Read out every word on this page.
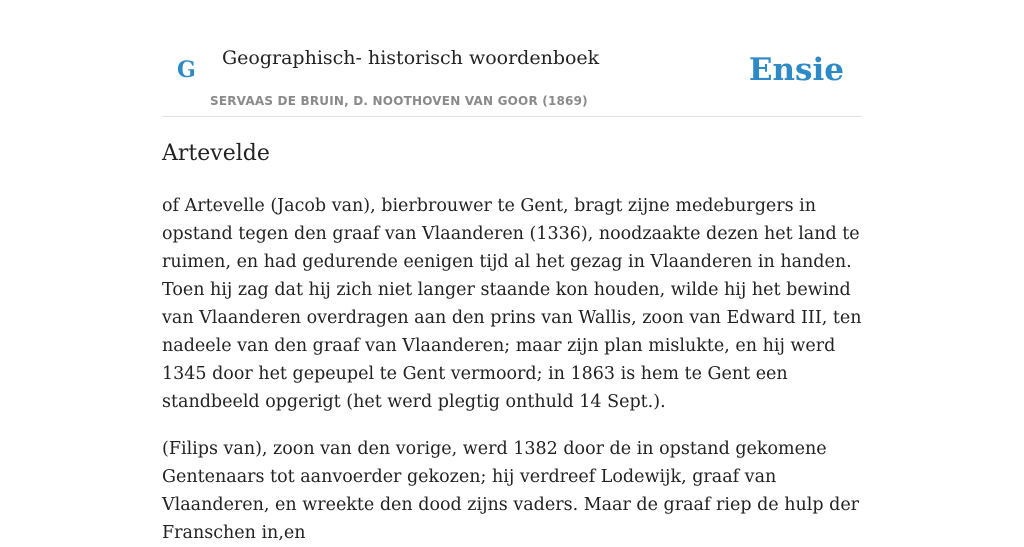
G Geographisch- historisch woordenboek
SERVAAS DE BRUIN, D. NOOTHOVEN VAN GOOR (1869)
Ensie
Artevelde

of Artevelle (Jacob van), bierbrouwer te Gent, bragt zijne medeburgers in opstand tegen den graaf van Vlaanderen (1336), noodzaakte dezen het land te ruimen, en had gedurende eenigen tijd al het gezag in Vlaanderen in handen. Toen hij zag dat hij zich niet langer staande kon houden, wilde hij het bewind van Vlaanderen overdragen aan den prins van Wallis, zoon van Edward III, ten nadeele van den graaf van Vlaanderen; maar zijn plan mislukte, en hij werd 1345 door het gepeupel te Gent vermoord; in 1863 is hem te Gent een standbeeld opgerigt (het werd plegtig onthuld 14 Sept.).

(Filips van), zoon van den vorige, werd 1382 door de in opstand gekomene Gentenaars tot aanvoerder gekozen; hij verdreef Lodewijk, graaf van Vlaanderen, en wreekte den dood zijns vaders. Maar de graaf riep de hulp der Franschen in,en
